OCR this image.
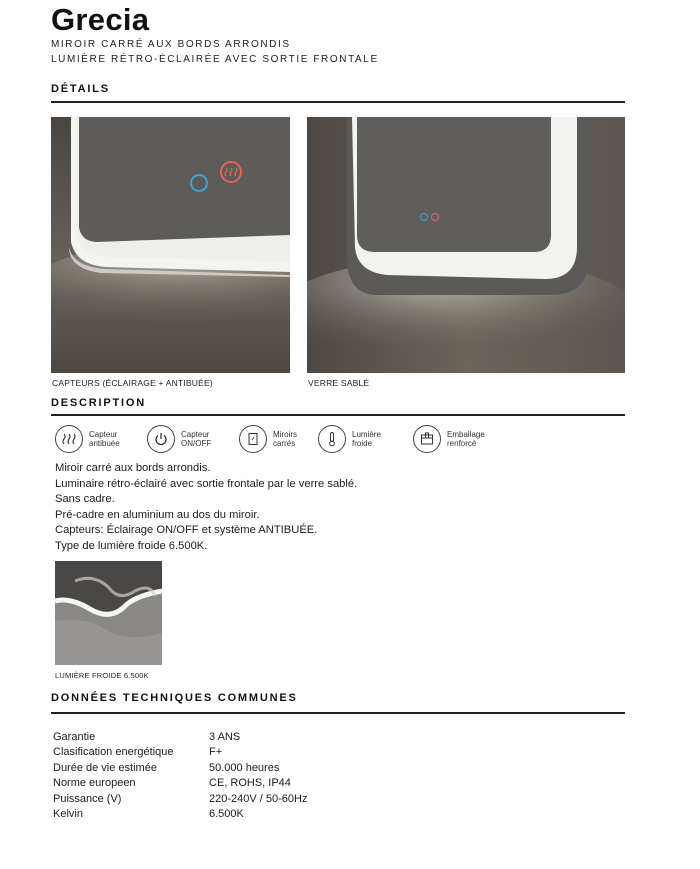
Grecia
MIROIR CARRÉ AUX BORDS ARRONDIS
LUMIÈRE RÉTRO-ÉCLAIRÉE AVEC SORTIE FRONTALE
DÉTAILS
CAPTEURS (ÉCLAIRAGE + ANTIBUÉE)	VERRE SABLÉ
DESCRIPTION
Capteur
antibuée
Capteur
ON/OFF
Miroirs
carrés
Lumière
froide
Emballage
renforcé
Miroir carré aux bords arrondis.
Luminaire rétro-éclairé avec sortie frontale par le verre sablé.
Sans cadre.
Pré-cadre en aluminium au dos du miroir.
Capteurs: Éclairage ON/OFF et système ANTIBUÉE.
Type de lumière froide 6.500K.
LUMIÈRE FROIDE 6.500K
DONNÉES TECHNIQUES COMMUNES
Garantie	3 ANS
Clasification energétique	F+
Durée de vie estimée	50.000 heures
Norme europeen	CE, ROHS, IP44
Puissance (V)	220-240V / 50-60Hz
Kelvin	6.500K
